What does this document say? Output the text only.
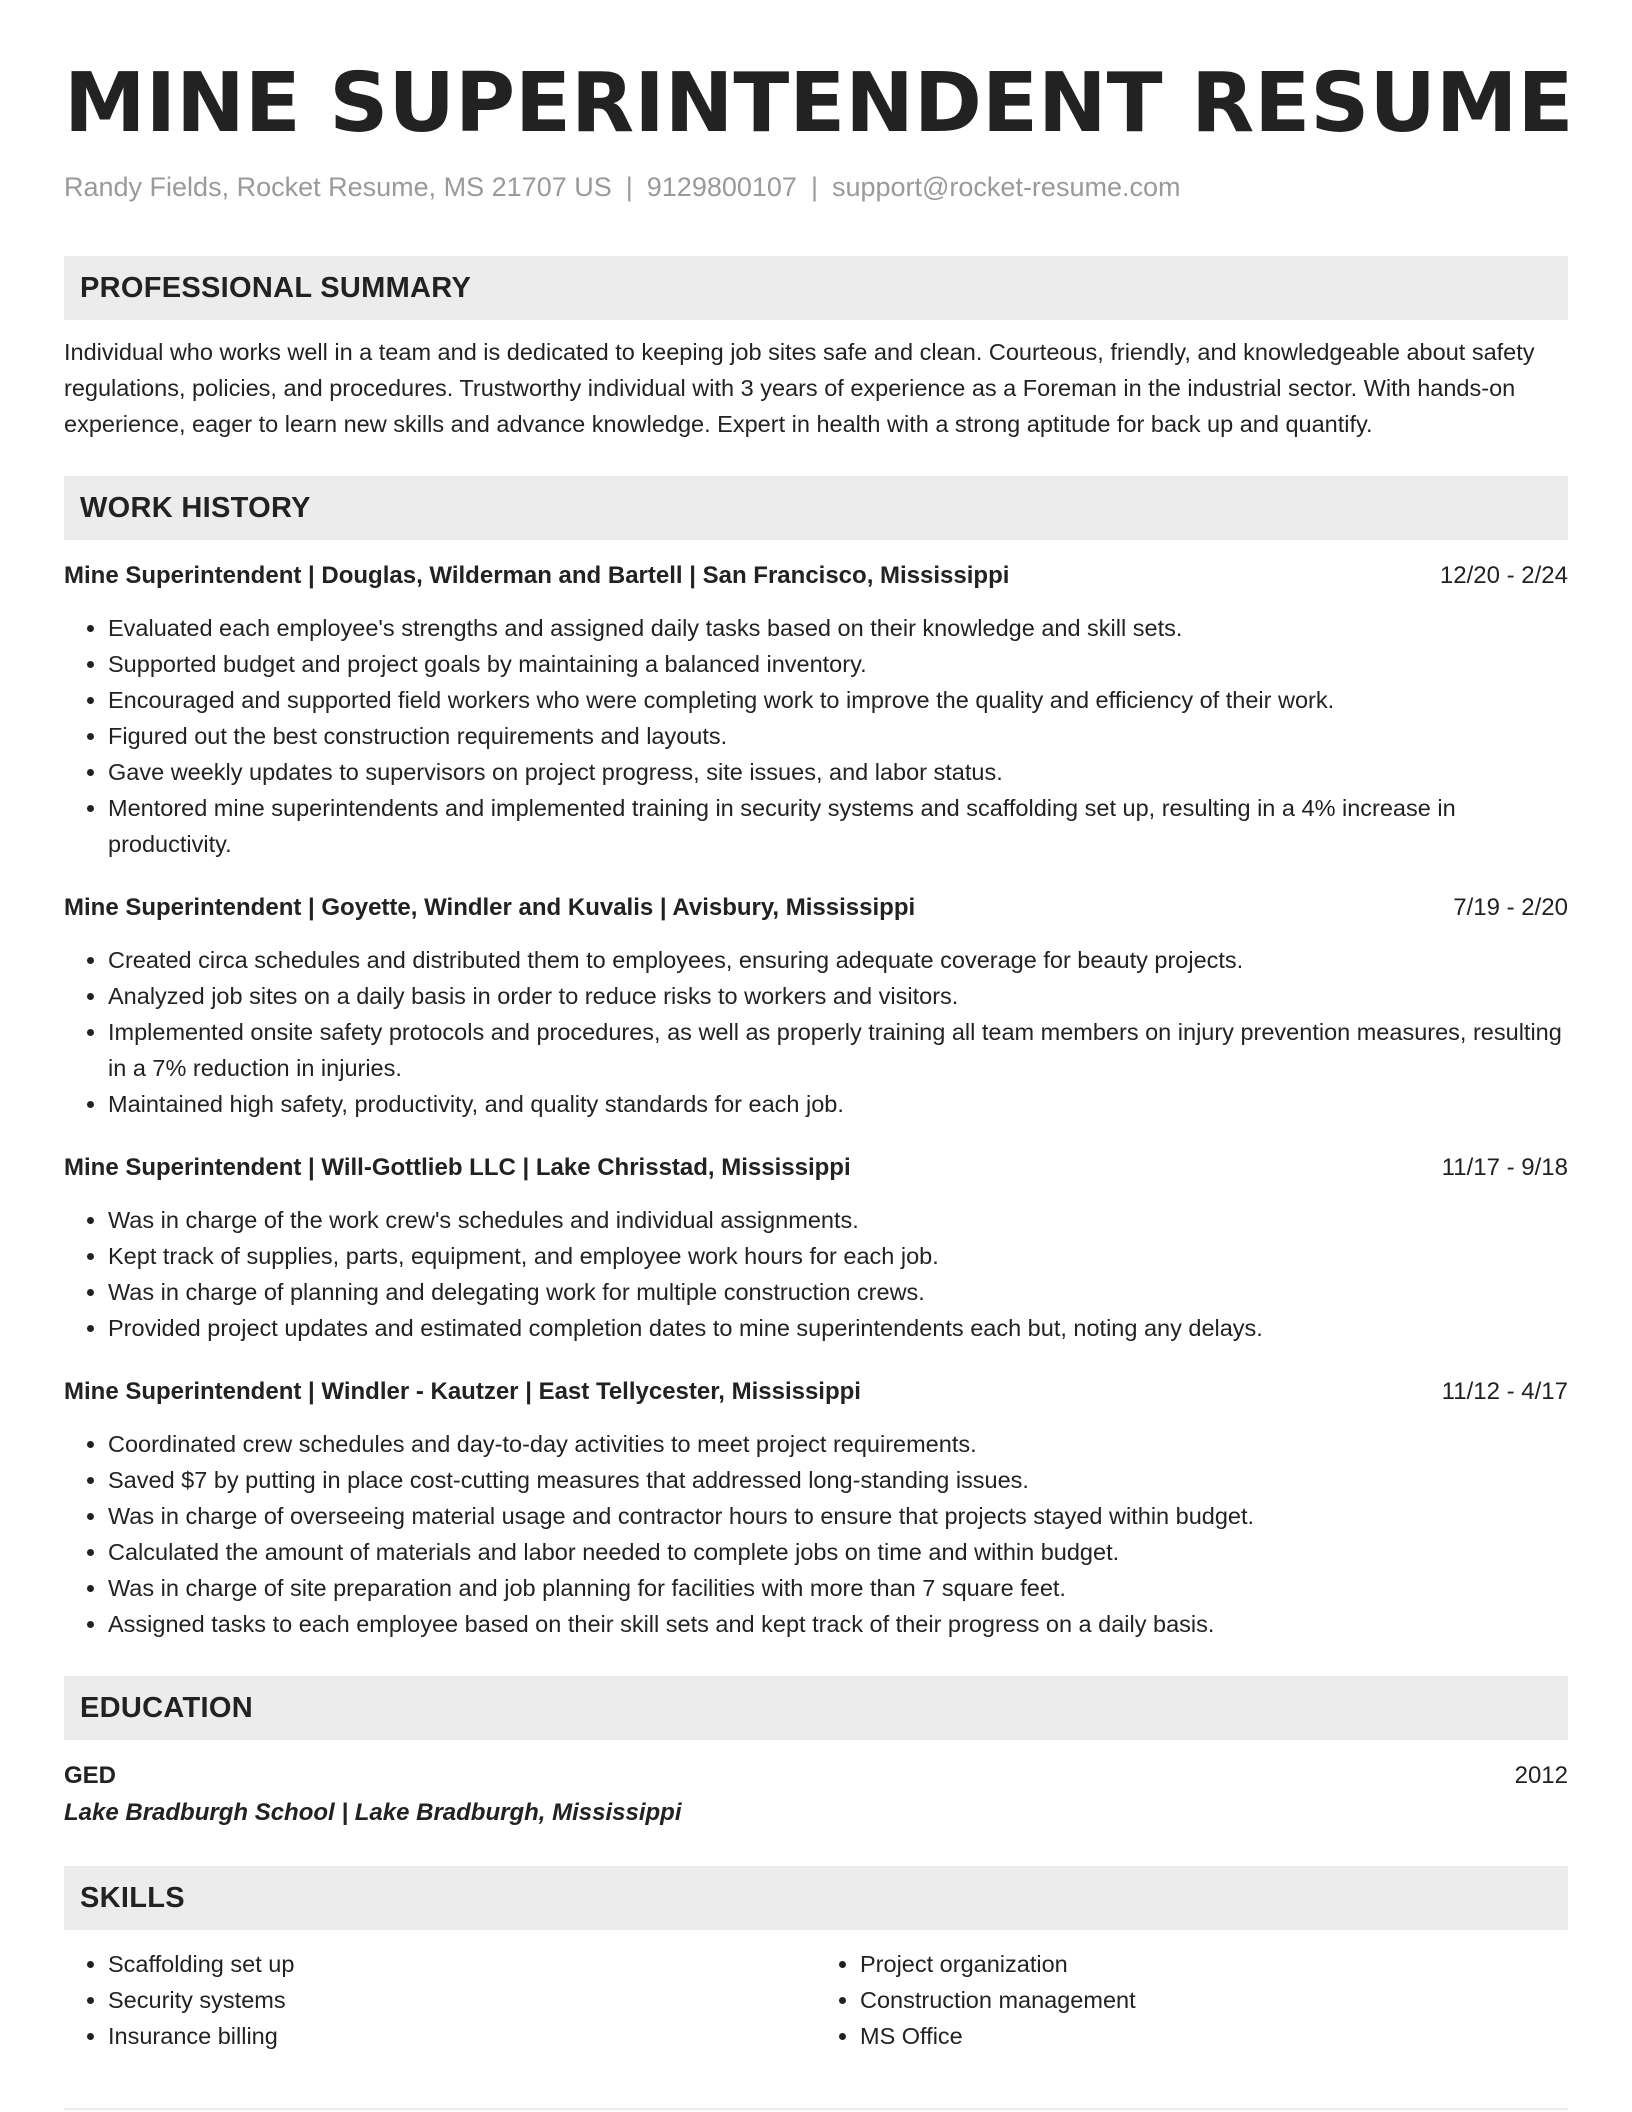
MINE SUPERINTENDENT RESUME
Randy Fields, Rocket Resume, MS 21707 US | 9129800107 | support@rocket-resume.com
PROFESSIONAL SUMMARY
Individual who works well in a team and is dedicated to keeping job sites safe and clean. Courteous, friendly, and knowledgeable about safety regulations, policies, and procedures. Trustworthy individual with 3 years of experience as a Foreman in the industrial sector. With hands-on experience, eager to learn new skills and advance knowledge. Expert in health with a strong aptitude for back up and quantify.
WORK HISTORY
Mine Superintendent | Douglas, Wilderman and Bartell | San Francisco, Mississippi	12/20 - 2/24
• Evaluated each employee's strengths and assigned daily tasks based on their knowledge and skill sets.
• Supported budget and project goals by maintaining a balanced inventory.
• Encouraged and supported field workers who were completing work to improve the quality and efficiency of their work.
• Figured out the best construction requirements and layouts.
• Gave weekly updates to supervisors on project progress, site issues, and labor status.
• Mentored mine superintendents and implemented training in security systems and scaffolding set up, resulting in a 4% increase in productivity.
Mine Superintendent | Goyette, Windler and Kuvalis | Avisbury, Mississippi	7/19 - 2/20
• Created circa schedules and distributed them to employees, ensuring adequate coverage for beauty projects.
• Analyzed job sites on a daily basis in order to reduce risks to workers and visitors.
• Implemented onsite safety protocols and procedures, as well as properly training all team members on injury prevention measures, resulting in a 7% reduction in injuries.
• Maintained high safety, productivity, and quality standards for each job.
Mine Superintendent | Will-Gottlieb LLC | Lake Chrisstad, Mississippi	11/17 - 9/18
• Was in charge of the work crew's schedules and individual assignments.
• Kept track of supplies, parts, equipment, and employee work hours for each job.
• Was in charge of planning and delegating work for multiple construction crews.
• Provided project updates and estimated completion dates to mine superintendents each but, noting any delays.
Mine Superintendent | Windler - Kautzer | East Tellycester, Mississippi	11/12 - 4/17
• Coordinated crew schedules and day-to-day activities to meet project requirements.
• Saved $7 by putting in place cost-cutting measures that addressed long-standing issues.
• Was in charge of overseeing material usage and contractor hours to ensure that projects stayed within budget.
• Calculated the amount of materials and labor needed to complete jobs on time and within budget.
• Was in charge of site preparation and job planning for facilities with more than 7 square feet.
• Assigned tasks to each employee based on their skill sets and kept track of their progress on a daily basis.
EDUCATION
GED	2012
Lake Bradburgh School | Lake Bradburgh, Mississippi
SKILLS
• Scaffolding set up
• Security systems
• Insurance billing
• Project organization
• Construction management
• MS Office
